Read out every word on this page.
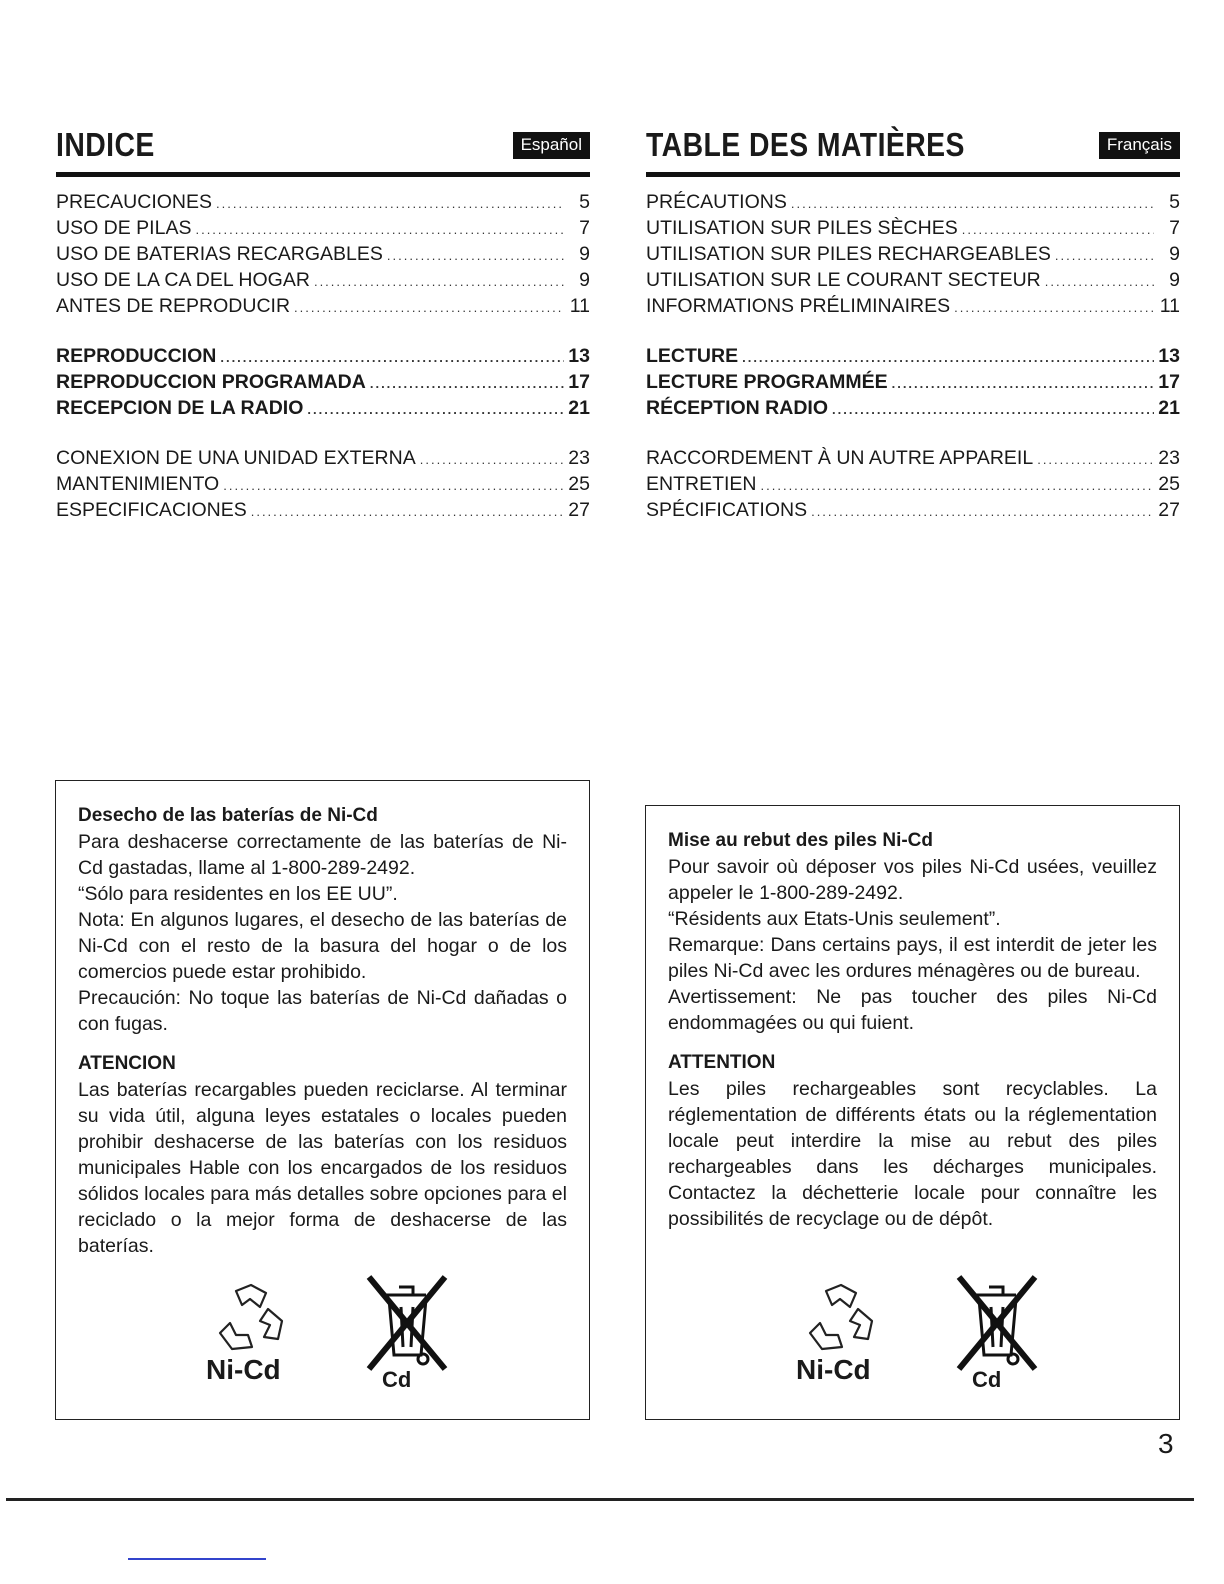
INDICE	Español
PRECAUCIONES .....	5
USO DE PILAS .....	7
USO DE BATERIAS RECARGABLES .....	9
USO DE LA CA DEL HOGAR .....	9
ANTES DE REPRODUCIR .....	11
REPRODUCCION .....	13
REPRODUCCION PROGRAMADA .....	17
RECEPCION DE LA RADIO .....	21
CONEXION DE UNA UNIDAD EXTERNA .....	23
MANTENIMIENTO .....	25
ESPECIFICACIONES .....	27
TABLE DES MATIÈRES	Français
PRÉCAUTIONS .....	5
UTILISATION SUR PILES SÈCHES .....	7
UTILISATION SUR PILES RECHARGEABLES .....	9
UTILISATION SUR LE COURANT SECTEUR .....	9
INFORMATIONS PRÉLIMINAIRES .....	11
LECTURE .....	13
LECTURE PROGRAMMÉE .....	17
RÉCEPTION RADIO .....	21
RACCORDEMENT À UN AUTRE APPAREIL .....	23
ENTRETIEN .....	25
SPÉCIFICATIONS .....	27
Desecho de las baterías de Ni-Cd

Para deshacerse correctamente de las baterías de Ni-Cd gastadas, llame al 1-800-289-2492.

“Sólo para residentes en los EE UU”.

Nota: En algunos lugares, el desecho de las baterías de Ni-Cd con el resto de la basura del hogar o de los comercios puede estar prohibido.

Precaución: No toque las baterías de Ni-Cd dañadas o con fugas.

ATENCION

Las baterías recargables pueden reciclarse. Al terminar su vida útil, alguna leyes estatales o locales pueden prohibir deshacerse de las baterías con los residuos municipales Hable con los encargados de los residuos sólidos locales para más detalles sobre opciones para el reciclado o la mejor forma de deshacerse de las baterías.

Ni-Cd	Cd
Mise au rebut des piles Ni-Cd

Pour savoir où déposer vos piles Ni-Cd usées, veuillez appeler le 1-800-289-2492.

“Résidents aux Etats-Unis seulement”.

Remarque: Dans certains pays, il est interdit de jeter les piles Ni-Cd avec les ordures ménagères ou de bureau.

Avertissement: Ne pas toucher des piles Ni-Cd endommagées ou qui fuient.

ATTENTION

Les piles rechargeables sont recyclables. La réglementation de différents états ou la réglementation locale peut interdire la mise au rebut des piles rechargeables dans les décharges municipales. Contactez la déchetterie locale pour connaître les possibilités de recyclage ou de dépôt.

Ni-Cd	Cd
3
